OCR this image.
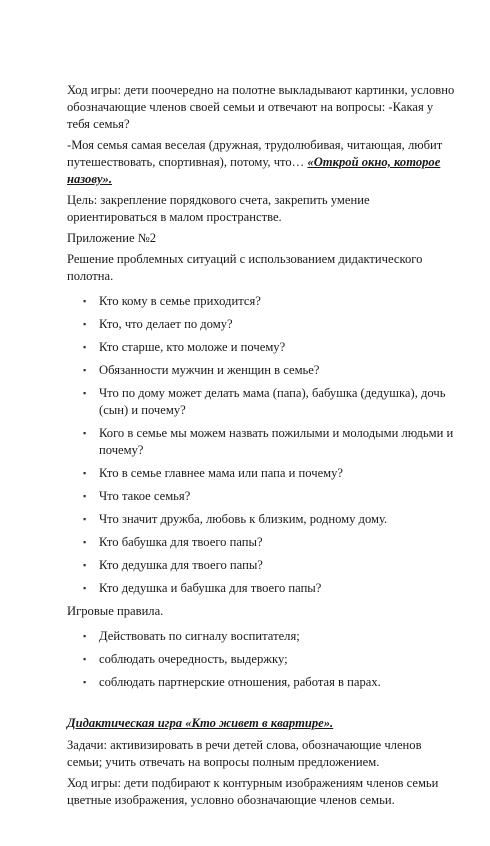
Ход игры: дети поочередно на полотне выкладывают картинки, условно обозначающие членов своей семьи и отвечают на вопросы: -Какая у тебя семья?

-Моя семья самая веселая (дружная, трудолюбивая, читающая, любит путешествовать, спортивная), потому, что… «Открой окно, которое назову».

Цель: закрепление порядкового счета, закрепить умение ориентироваться в малом пространстве.

Приложение №2

Решение проблемных ситуаций с использованием дидактического полотна.

▪ Кто кому в семье приходится?
▪ Кто, что делает по дому?
▪ Кто старше, кто моложе и почему?
▪ Обязанности мужчин и женщин в семье?
▪ Что по дому может делать мама (папа), бабушка (дедушка), дочь (сын) и почему?
▪ Кого в семье мы можем назвать пожилыми и молодыми людьми и почему?
▪ Кто в семье главнее мама или папа и почему?
▪ Что такое семья?
▪ Что значит дружба, любовь к близким, родному дому.
▪ Кто бабушка для твоего папы?
▪ Кто дедушка для твоего папы?
▪ Кто дедушка и бабушка для твоего папы?

Игровые правила.

▪ Действовать по сигналу воспитателя;
▪ соблюдать очередность, выдержку;
▪ соблюдать партнерские отношения, работая в парах.

Дидактическая игра «Кто живет в квартире».

Задачи: активизировать в речи детей слова, обозначающие членов семьи; учить отвечать на вопросы полным предложением.

Ход игры: дети подбирают к контурным изображениям членов семьи цветные изображения, условно обозначающие членов семьи.
